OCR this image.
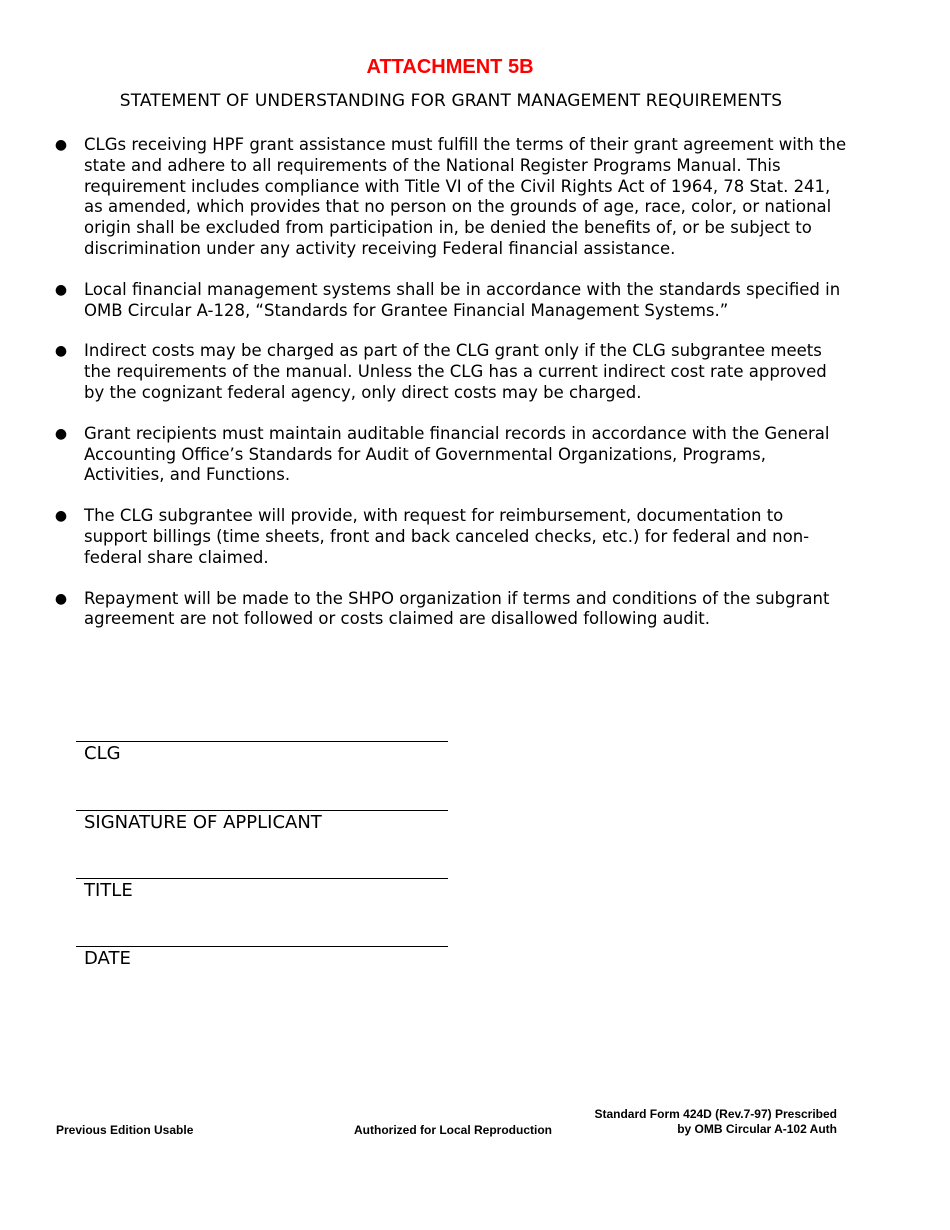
ATTACHMENT 5B
STATEMENT OF UNDERSTANDING FOR GRANT MANAGEMENT REQUIREMENTS
● CLGs receiving HPF grant assistance must fulfill the terms of their grant agreement with the state and adhere to all requirements of the National Register Programs Manual. This requirement includes compliance with Title VI of the Civil Rights Act of 1964, 78 Stat. 241, as amended, which provides that no person on the grounds of age, race, color, or national origin shall be excluded from participation in, be denied the benefits of, or be subject to discrimination under any activity receiving Federal financial assistance.
● Local financial management systems shall be in accordance with the standards specified in OMB Circular A-128, “Standards for Grantee Financial Management Systems.”
● Indirect costs may be charged as part of the CLG grant only if the CLG subgrantee meets the requirements of the manual. Unless the CLG has a current indirect cost rate approved by the cognizant federal agency, only direct costs may be charged.
● Grant recipients must maintain auditable financial records in accordance with the General Accounting Office’s Standards for Audit of Governmental Organizations, Programs, Activities, and Functions.
● The CLG subgrantee will provide, with request for reimbursement, documentation to support billings (time sheets, front and back canceled checks, etc.) for federal and non-federal share claimed.
● Repayment will be made to the SHPO organization if terms and conditions of the subgrant agreement are not followed or costs claimed are disallowed following audit.
CLG
SIGNATURE OF APPLICANT
TITLE
DATE
Previous Edition Usable	Authorized for Local Reproduction
Standard Form 424D (Rev.7-97) Prescribed
by OMB Circular A-102 Auth
